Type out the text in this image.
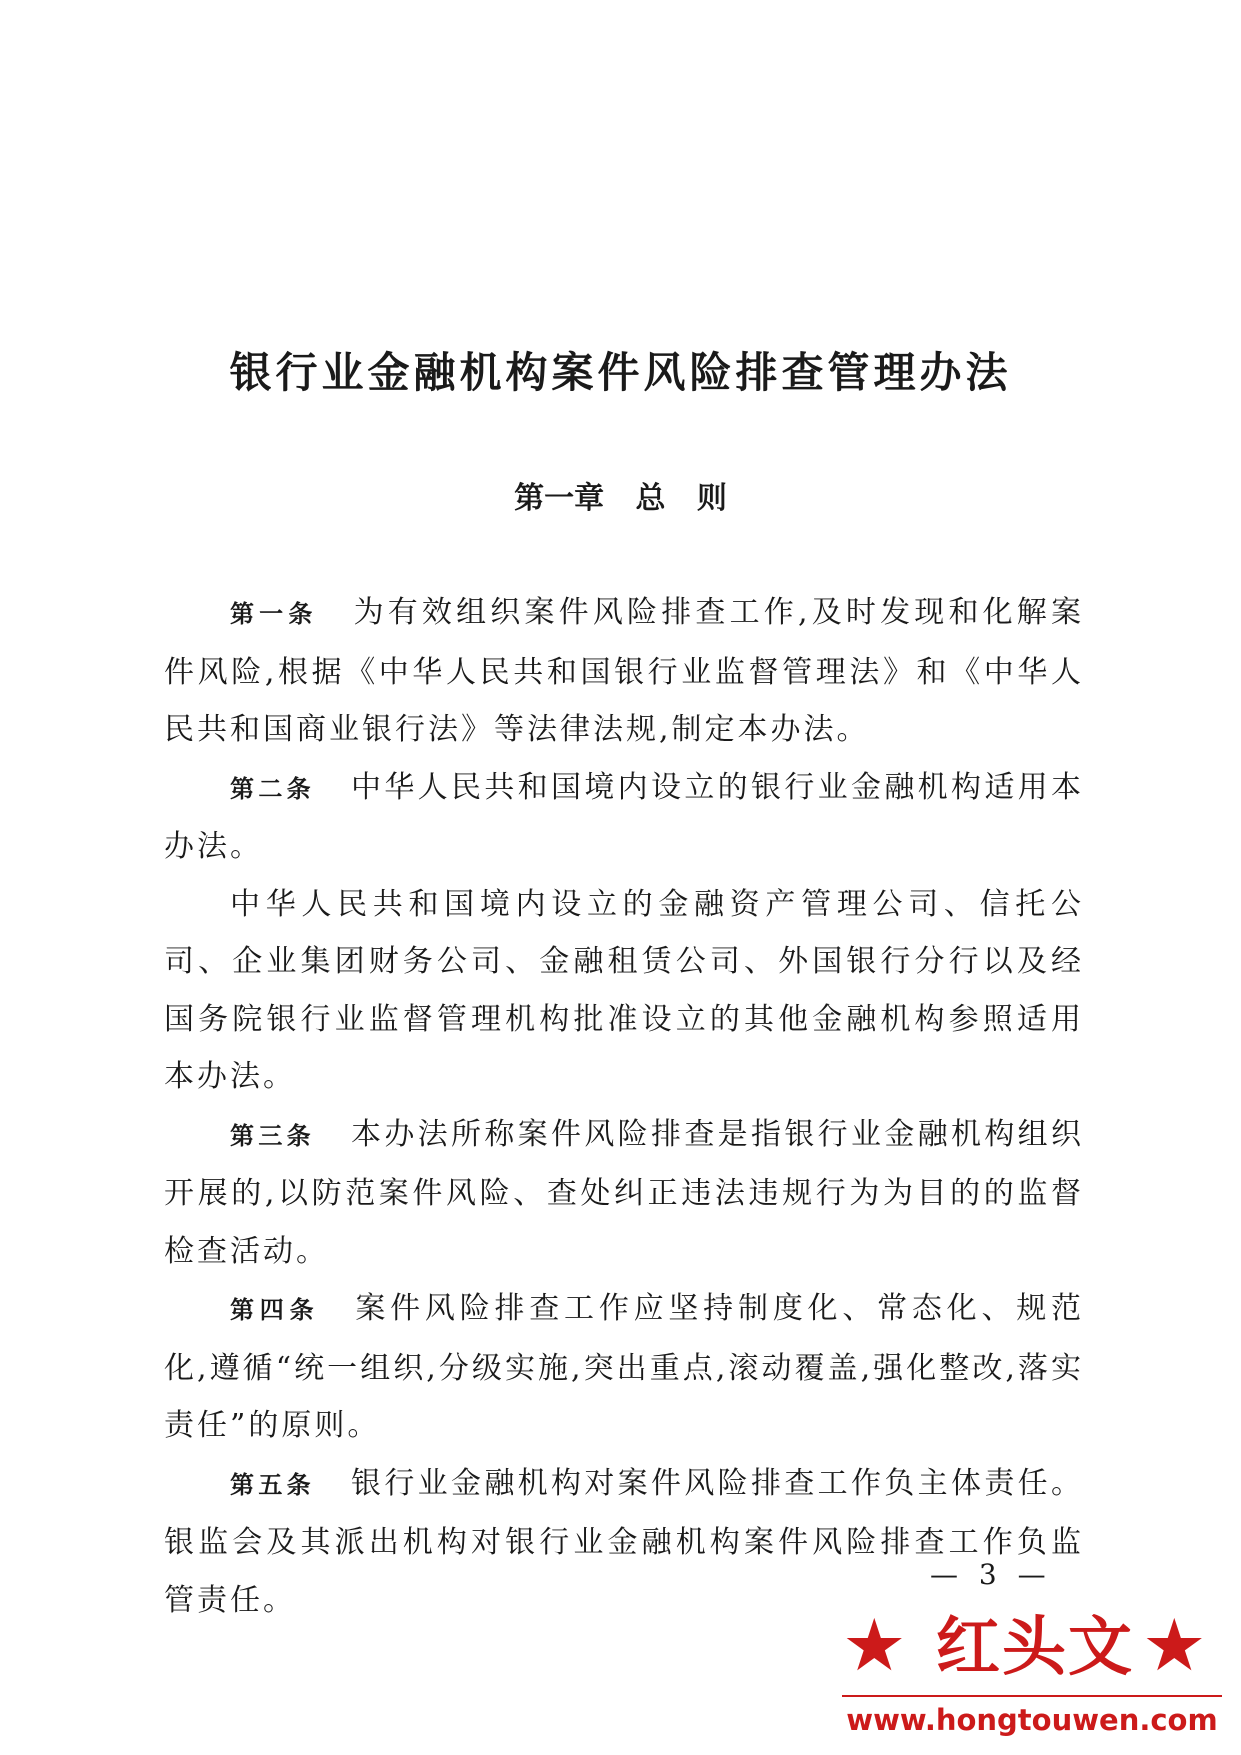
银行业金融机构案件风险排查管理办法
第一章   总   则

第一条 为有效组织案件风险排查工作,及时发现和化解案件风险,根据《中华人民共和国银行业监督管理法》和《中华人民共和国商业银行法》等法律法规,制定本办法。

第二条 中华人民共和国境内设立的银行业金融机构适用本办法。

中华人民共和国境内设立的金融资产管理公司、信托公司、企业集团财务公司、金融租赁公司、外国银行分行以及经国务院银行业监督管理机构批准设立的其他金融机构参照适用本办法。

第三条 本办法所称案件风险排查是指银行业金融机构组织开展的,以防范案件风险、查处纠正违法违规行为为目的的监督检查活动。

第四条 案件风险排查工作应坚持制度化、常态化、规范化,遵循“统一组织,分级实施,突出重点,滚动覆盖,强化整改,落实责任”的原则。

第五条 银行业金融机构对案件风险排查工作负主体责任。银监会及其派出机构对银行业金融机构案件风险排查工作负监管责任。

— 3 —
★ 红头文 ★
www.hongtouwen.com
